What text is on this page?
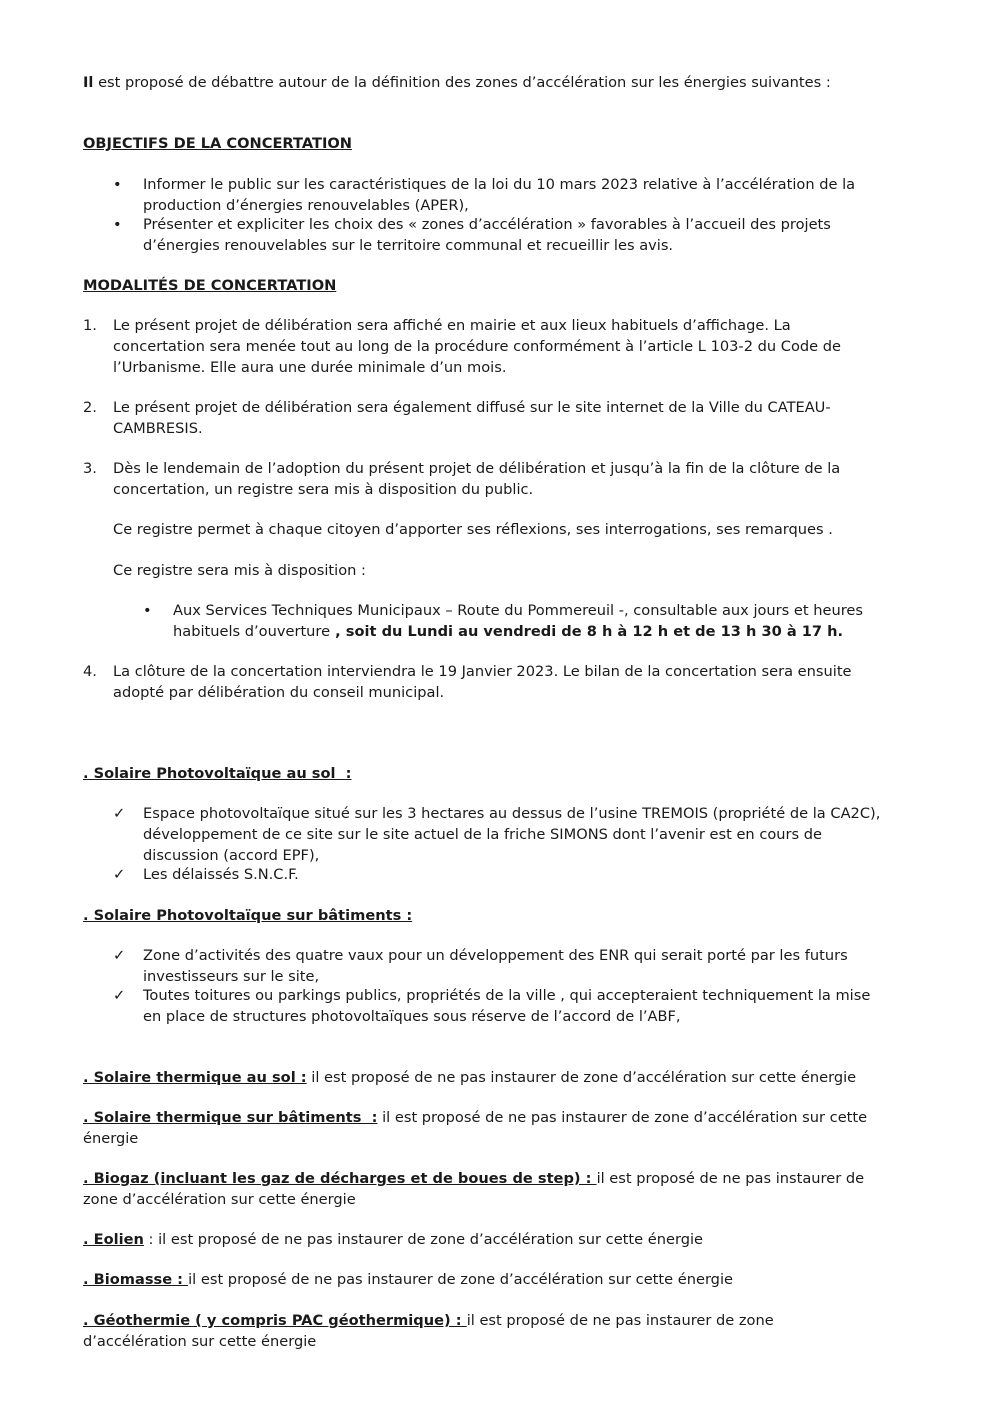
Il est proposé de débattre autour de la définition des zones d’accélération sur les énergies suivantes :
OBJECTIFS DE LA CONCERTATION
• Informer le public sur les caractéristiques de la loi du 10 mars 2023 relative à l’accélération de la
production d’énergies renouvelables (APER),
• Présenter et expliciter les choix des « zones d’accélération » favorables à l’accueil des projets
d’énergies renouvelables sur le territoire communal et recueillir les avis.
MODALITÉS DE CONCERTATION
1. Le présent projet de délibération sera affiché en mairie et aux lieux habituels d’affichage. La
concertation sera menée tout au long de la procédure conformément à l’article L 103-2 du Code de
l’Urbanisme. Elle aura une durée minimale d’un mois.
2. Le présent projet de délibération sera également diffusé sur le site internet de la Ville du CATEAU-
CAMBRESIS.
3. Dès le lendemain de l’adoption du présent projet de délibération et jusqu’à la fin de la clôture de la
concertation, un registre sera mis à disposition du public.
Ce registre permet à chaque citoyen d’apporter ses réflexions, ses interrogations, ses remarques .
Ce registre sera mis à disposition :
• Aux Services Techniques Municipaux – Route du Pommereuil -, consultable aux jours et heures
habituels d’ouverture , soit du Lundi au vendredi de 8 h à 12 h et de 13 h 30 à 17 h.
4. La clôture de la concertation interviendra le 19 Janvier 2023. Le bilan de la concertation sera ensuite
adopté par délibération du conseil municipal.
. Solaire Photovoltaïque au sol  :
✓ Espace photovoltaïque situé sur les 3 hectares au dessus de l’usine TREMOIS (propriété de la CA2C),
développement de ce site sur le site actuel de la friche SIMONS dont l’avenir est en cours de
discussion (accord EPF),
✓ Les délaissés S.N.C.F.
. Solaire Photovoltaïque sur bâtiments :
✓ Zone d’activités des quatre vaux pour un développement des ENR qui serait porté par les futurs
investisseurs sur le site,
✓ Toutes toitures ou parkings publics, propriétés de la ville , qui accepteraient techniquement la mise
en place de structures photovoltaïques sous réserve de l’accord de l’ABF,
. Solaire thermique au sol : il est proposé de ne pas instaurer de zone d’accélération sur cette énergie
. Solaire thermique sur bâtiments  : il est proposé de ne pas instaurer de zone d’accélération sur cette
énergie
. Biogaz (incluant les gaz de décharges et de boues de step) : il est proposé de ne pas instaurer de
zone d’accélération sur cette énergie
. Eolien : il est proposé de ne pas instaurer de zone d’accélération sur cette énergie
. Biomasse : il est proposé de ne pas instaurer de zone d’accélération sur cette énergie
. Géothermie ( y compris PAC géothermique) : il est proposé de ne pas instaurer de zone
d’accélération sur cette énergie
